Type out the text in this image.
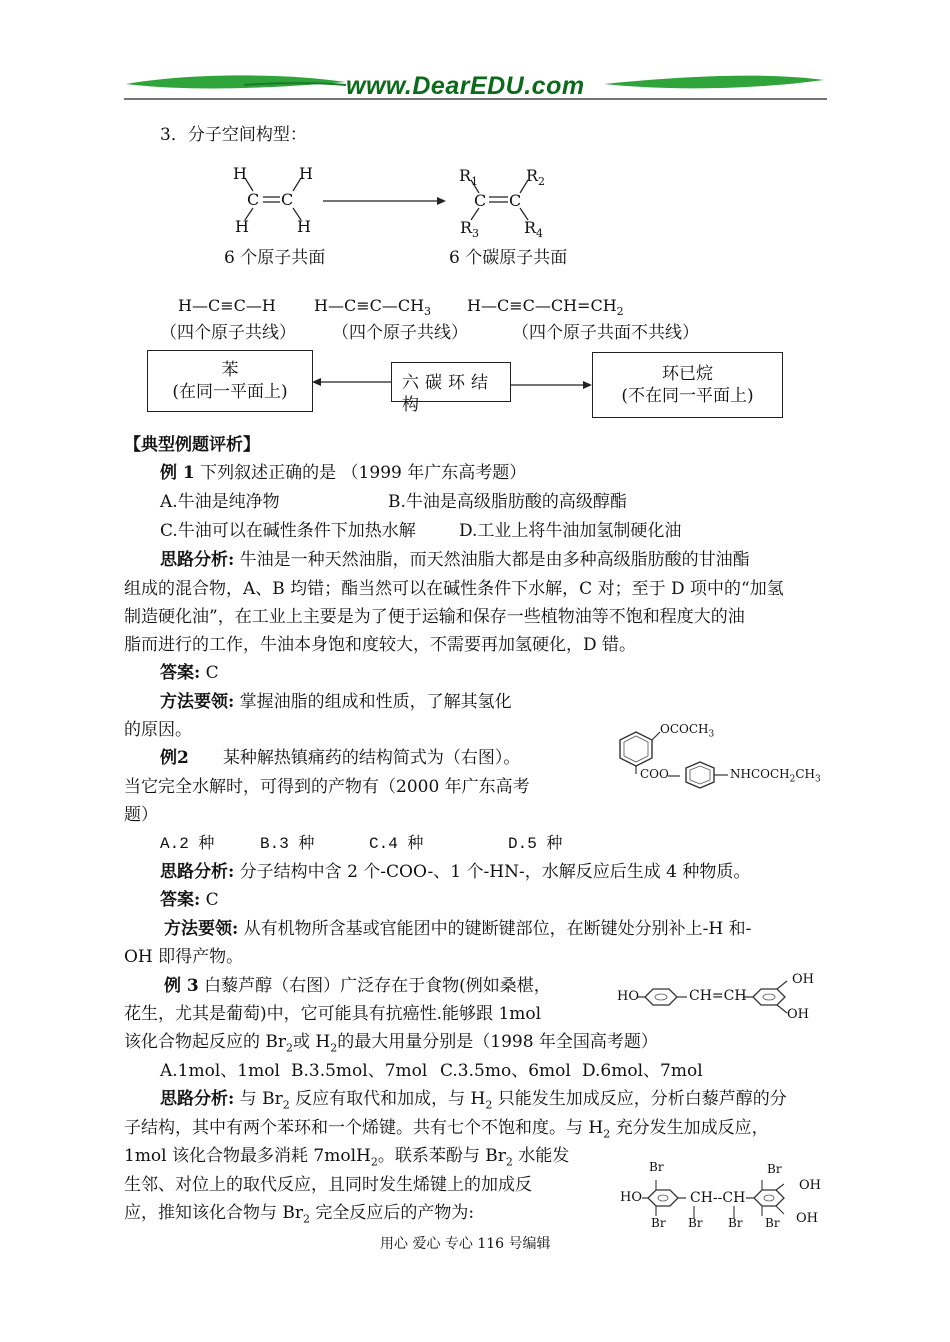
www.DearEDU.com
3．分子空间构型：
H	H
C C
H	H
$R_1$	$R_2$
C C
$R_3$	$R_4$
6 个原子共面	6 个碳原子共面
H—C≡C—H $H—C\equiv C—CH_3$ $H—C\equiv C—CH=CH_2$
（四个原子共线） （四个原子共线）	（四个原子共面不共线）
苯
(在同一平面上)	六碳环结构
环已烷
(不在同一平面上)
【典型例题评析】
例 1 下列叙述正确的是 （1999 年广东高考题）
A.牛油是纯净物	B.牛油是高级脂肪酸的高级醇酯
C.牛油可以在碱性条件下加热水解	D.工业上将牛油加氢制硬化油
思路分析: 牛油是一种天然油脂，而天然油脂大都是由多种高级脂肪酸的甘油酯
组成的混合物，A、B 均错；酯当然可以在碱性条件下水解，C 对；至于 D 项中的“加氢
制造硬化油”，在工业上主要是为了便于运输和保存一些植物油等不饱和程度大的油
脂而进行的工作，牛油本身饱和度较大，不需要再加氢硬化，D 错。
答案: C
方法要领: 掌握油脂的组成和性质，了解其氢化
的原因。
例2　　某种解热镇痛药的结构简式为（右图）。
当它完全水解时，可得到的产物有（2000 年广东高考
题）
$OCOCH_3$
COO	$NHCOCH_2CH_3$
A.2 种	B.3 种	C.4 种	D.5 种
思路分析: 分子结构中含 2 个-COO-、1 个-HN-，水解反应后生成 4 种物质。
答案: C
方法要领: 从有机物所含基或官能团中的键断键部位，在断键处分别补上-H 和-
OH 即得产物。
例 3 白藜芦醇（右图）广泛存在于食物(例如桑椹，
花生，尤其是葡萄)中，它可能具有抗癌性.能够跟 1mol
该化合物起反应的 $Br_2$或 $H_2$的最大用量分别是（1998 年全国高考题）
HO	CH=CH
OH
OH
A.1mol、1mol B.3.5mol、7mol C.3.5mo、6mol D.6mol、7mol
思路分析: 与 $Br_2$ 反应有取代和加成，与 $H_2$ 只能发生加成反应，分析白藜芦醇的分
子结构，其中有两个苯环和一个烯键。共有七个不饱和度。与 $H_2$ 充分发生加成反应，
1mol 该化合物最多消耗 7molH$_2$。联系苯酚与 $Br_2$ 水能发
生邻、对位上的取代反应，且同时发生烯键上的加成反
应，推知该化合物与 $Br_2$ 完全反应后的产物为:
Br	Br
HO	CH--CH
OH
OH
Br Br Br Br
用心 爱心 专心 116 号编辑
